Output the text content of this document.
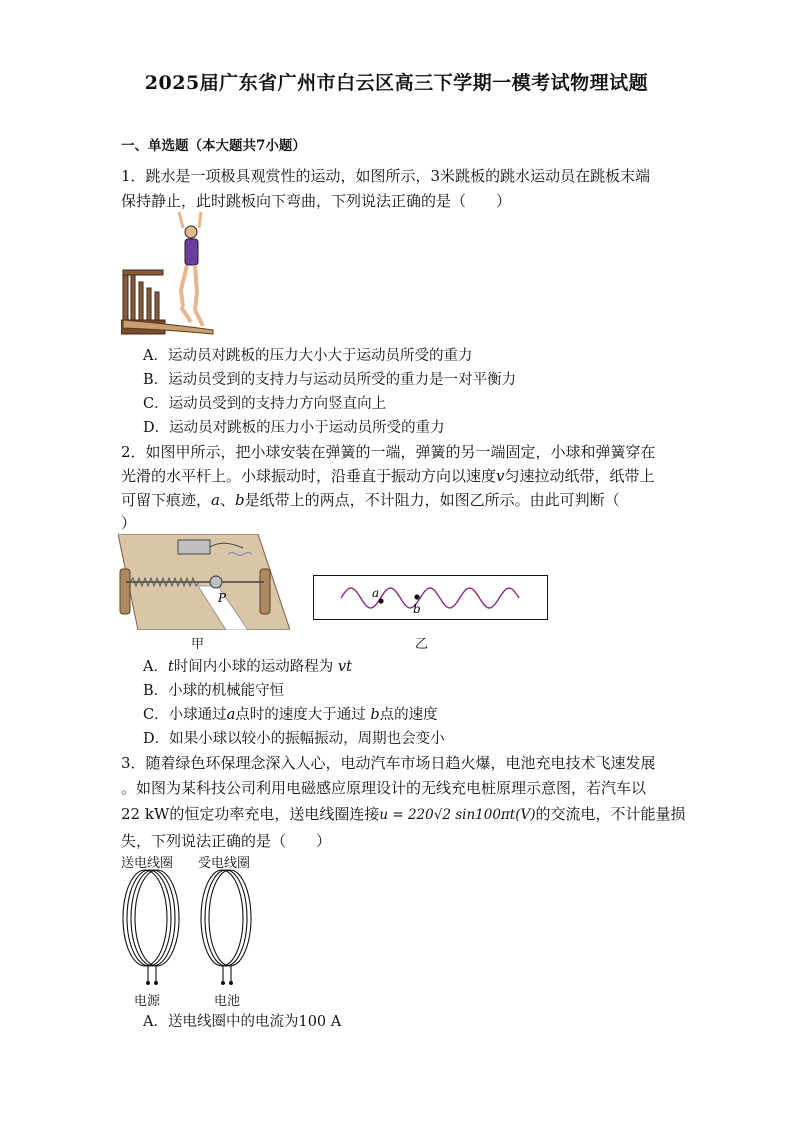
2025届广东省广州市白云区高三下学期一模考试物理试题
一、单选题（本大题共7小题）
1．跳水是一项极具观赏性的运动，如图所示，3米跳板的跳水运动员在跳板末端
保持静止，此时跳板向下弯曲，下列说法正确的是（　　）
A．运动员对跳板的压力大小大于运动员所受的重力
B．运动员受到的支持力与运动员所受的重力是一对平衡力
C．运动员受到的支持力方向竖直向上
D．运动员对跳板的压力小于运动员所受的重力
2．如图甲所示，把小球安装在弹簧的一端，弹簧的另一端固定，小球和弹簧穿在
光滑的水平杆上。小球振动时，沿垂直于振动方向以速度v匀速拉动纸带，纸带上
可留下痕迹，a、b是纸带上的两点，不计阻力，如图乙所示。由此可判断（
）
P	a
b
甲	乙
A．t时间内小球的运动路程为 vt
B．小球的机械能守恒
C．小球通过a点时的速度大于通过 b点的速度
D．如果小球以较小的振幅振动，周期也会变小
3．随着绿色环保理念深入人心，电动汽车市场日趋火爆，电池充电技术飞速发展
。如图为某科技公司利用电磁感应原理设计的无线充电桩原理示意图，若汽车以
22 kW的恒定功率充电，送电线圈连接u = 220√2 sin100πt(V)的交流电，不计能量损
失，下列说法正确的是（　　）
送电线圈 受电线圈
电源	电池
A．送电线圈中的电流为100 A
